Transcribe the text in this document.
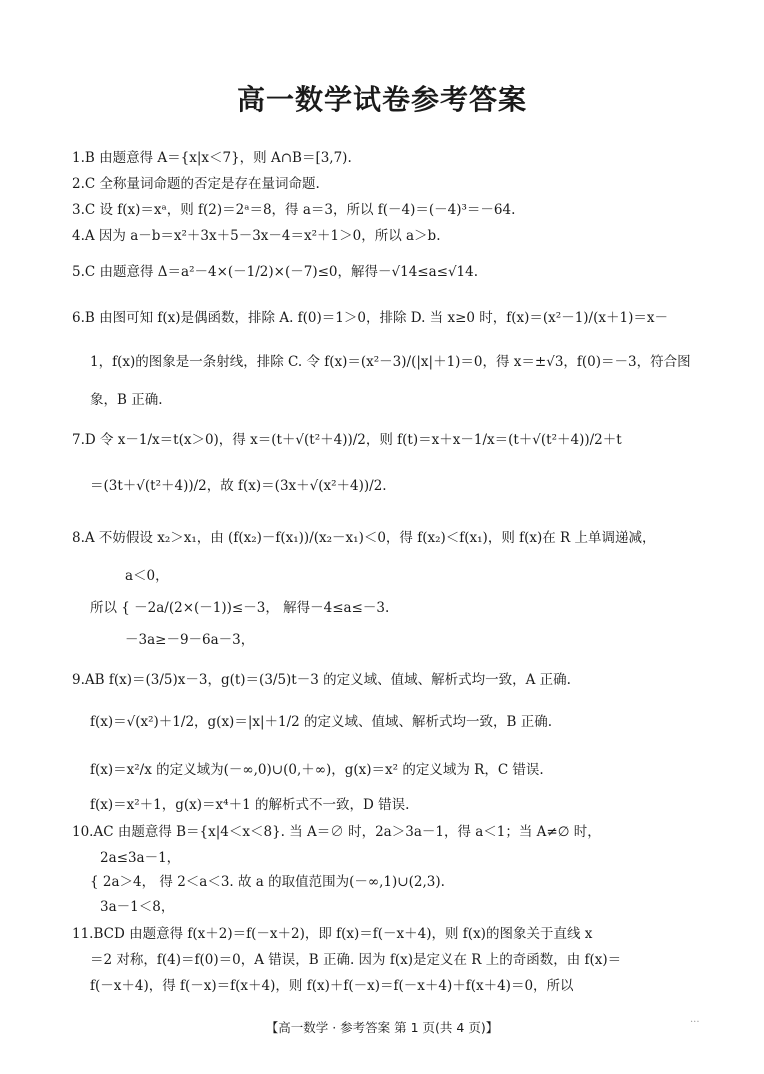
高一数学试卷参考答案
1.B 由题意得 A＝{x|x＜7}，则 A∩B＝[3,7).
2.C 全称量词命题的否定是存在量词命题.
3.C 设 f(x)＝xᵃ，则 f(2)＝2ᵃ＝8，得 a＝3，所以 f(－4)＝(－4)³＝－64.
4.A 因为 a－b＝x²＋3x＋5－3x－4＝x²＋1＞0，所以 a＞b.
5.C 由题意得 Δ＝a²－4×(－1/2)×(－7)≤0，解得－√14≤a≤√14.
6.B 由图可知 f(x)是偶函数，排除 A. f(0)＝1＞0，排除 D. 当 x≥0 时，f(x)＝(x²－1)/(x＋1)＝x－
1，f(x)的图象是一条射线，排除 C. 令 f(x)＝(x²－3)/(|x|＋1)＝0，得 x＝±√3，f(0)＝－3，符合图
象，B 正确.
7.D 令 x－1/x＝t(x＞0)，得 x＝(t＋√(t²＋4))/2，则 f(t)＝x＋x－1/x＝(t＋√(t²＋4))/2＋t
＝(3t＋√(t²＋4))/2，故 f(x)＝(3x＋√(x²＋4))/2.
8.A 不妨假设 x₂＞x₁，由 (f(x₂)－f(x₁))/(x₂－x₁)＜0，得 f(x₂)＜f(x₁)，则 f(x)在 R 上单调递减，
a＜0，
所以 { －2a/(2×(－1))≤－3， 解得－4≤a≤－3.
－3a≥－9－6a－3，
9.AB f(x)＝(3/5)x－3，g(t)＝(3/5)t－3 的定义域、值域、解析式均一致，A 正确.
f(x)＝√(x²)＋1/2，g(x)＝|x|＋1/2 的定义域、值域、解析式均一致，B 正确.
f(x)＝x²/x 的定义域为(－∞,0)∪(0,＋∞)，g(x)＝x² 的定义域为 R，C 错误.
f(x)＝x²＋1，g(x)＝x⁴＋1 的解析式不一致，D 错误.
10.AC 由题意得 B＝{x|4＜x＜8}. 当 A＝∅ 时，2a＞3a－1，得 a＜1；当 A≠∅ 时，
2a≤3a－1，
{ 2a＞4， 得 2＜a＜3. 故 a 的取值范围为(－∞,1)∪(2,3).
3a－1＜8，
11.BCD 由题意得 f(x＋2)＝f(－x＋2)，即 f(x)＝f(－x＋4)，则 f(x)的图象关于直线 x
＝2 对称，f(4)＝f(0)＝0，A 错误，B 正确. 因为 f(x)是定义在 R 上的奇函数，由 f(x)＝
f(－x＋4)，得 f(－x)＝f(x＋4)，则 f(x)＋f(－x)＝f(－x＋4)＋f(x＋4)＝0，所以
【高一数学 · 参考答案 第 1 页(共 4 页)】
...
